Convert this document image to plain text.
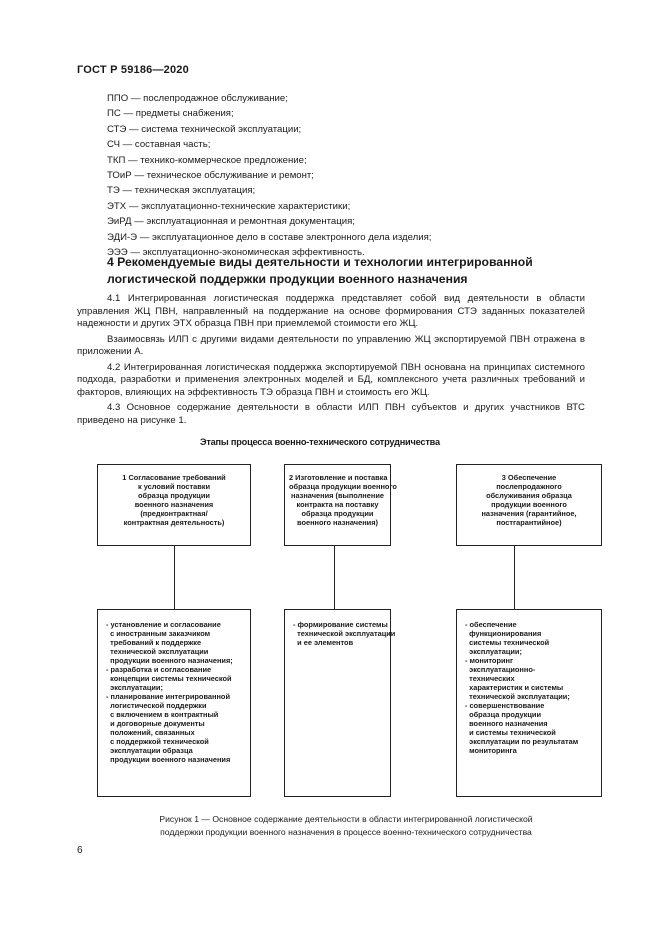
ГОСТ Р 59186—2020
ППО — послепродажное обслуживание;
ПС — предметы снабжения;
СТЭ — система технической эксплуатации;
СЧ — составная часть;
ТКП — технико-коммерческое предложение;
ТОиР — техническое обслуживание и ремонт;
ТЭ — техническая эксплуатация;
ЭТХ — эксплуатационно-технические характеристики;
ЭиРД — эксплуатационная и ремонтная документация;
ЭДИ-Э — эксплуатационное дело в составе электронного дела изделия;
ЭЭЭ — эксплуатационно-экономическая эффективность.
4 Рекомендуемые виды деятельности и технологии интегрированной логистической поддержки продукции военного назначения

4.1 Интегрированная логистическая поддержка представляет собой вид деятельности в области управления ЖЦ ПВН, направленный на поддержание на основе формирования СТЭ заданных показателей надежности и других ЭТХ образца ПВН при приемлемой стоимости его ЖЦ.

Взаимосвязь ИЛП с другими видами деятельности по управлению ЖЦ экспортируемой ПВН отражена в приложении А.

4.2 Интегрированная логистическая поддержка экспортируемой ПВН основана на принципах системного подхода, разработки и применения электронных моделей и БД, комплексного учета различных требований и факторов, влияющих на эффективность ТЭ образца ПВН и стоимость его ЖЦ.

4.3 Основное содержание деятельности в области ИЛП ПВН субъектов и других участников ВТС приведено на рисунке 1.

Этапы процесса военно-технического сотрудничества
1 Согласование требований
к условий поставки
образца продукции
военного назначения
(предконтрактная/
контрактная деятельность)
2 Изготовление и поставка
образца продукции военного
назначения (выполнение
контракта на поставку
образца продукции
военного назначения)
3 Обеспечение
послепродажного
обслуживания образца
продукции военного
назначения (гарантийное,
постгарантийное)
- установление и согласование
с иностранным заказчиком
требований к поддержке
технической эксплуатации
продукции военного назначения;
- разработка и согласование
концепции системы технической
эксплуатации;
- планирование интегрированной
логистической поддержки
с включением в контрактный
и договорные документы
положений, связанных
с поддержкой технической
эксплуатации образца
продукции военного назначения
- формирование системы
технической эксплуатации
и ее элементов
- обеспечение
функционирования
системы технической
эксплуатации;
- мониторинг
эксплуатационно-
технических
характеристик и системы
технической эксплуатации;
- совершенствование
образца продукции
военного назначения
и системы технической
эксплуатации по результатам
мониторинга
Рисунок 1 — Основное содержание деятельности в области интегрированной логистической
поддержки продукции военного назначения в процессе военно-технического сотрудничества
6
